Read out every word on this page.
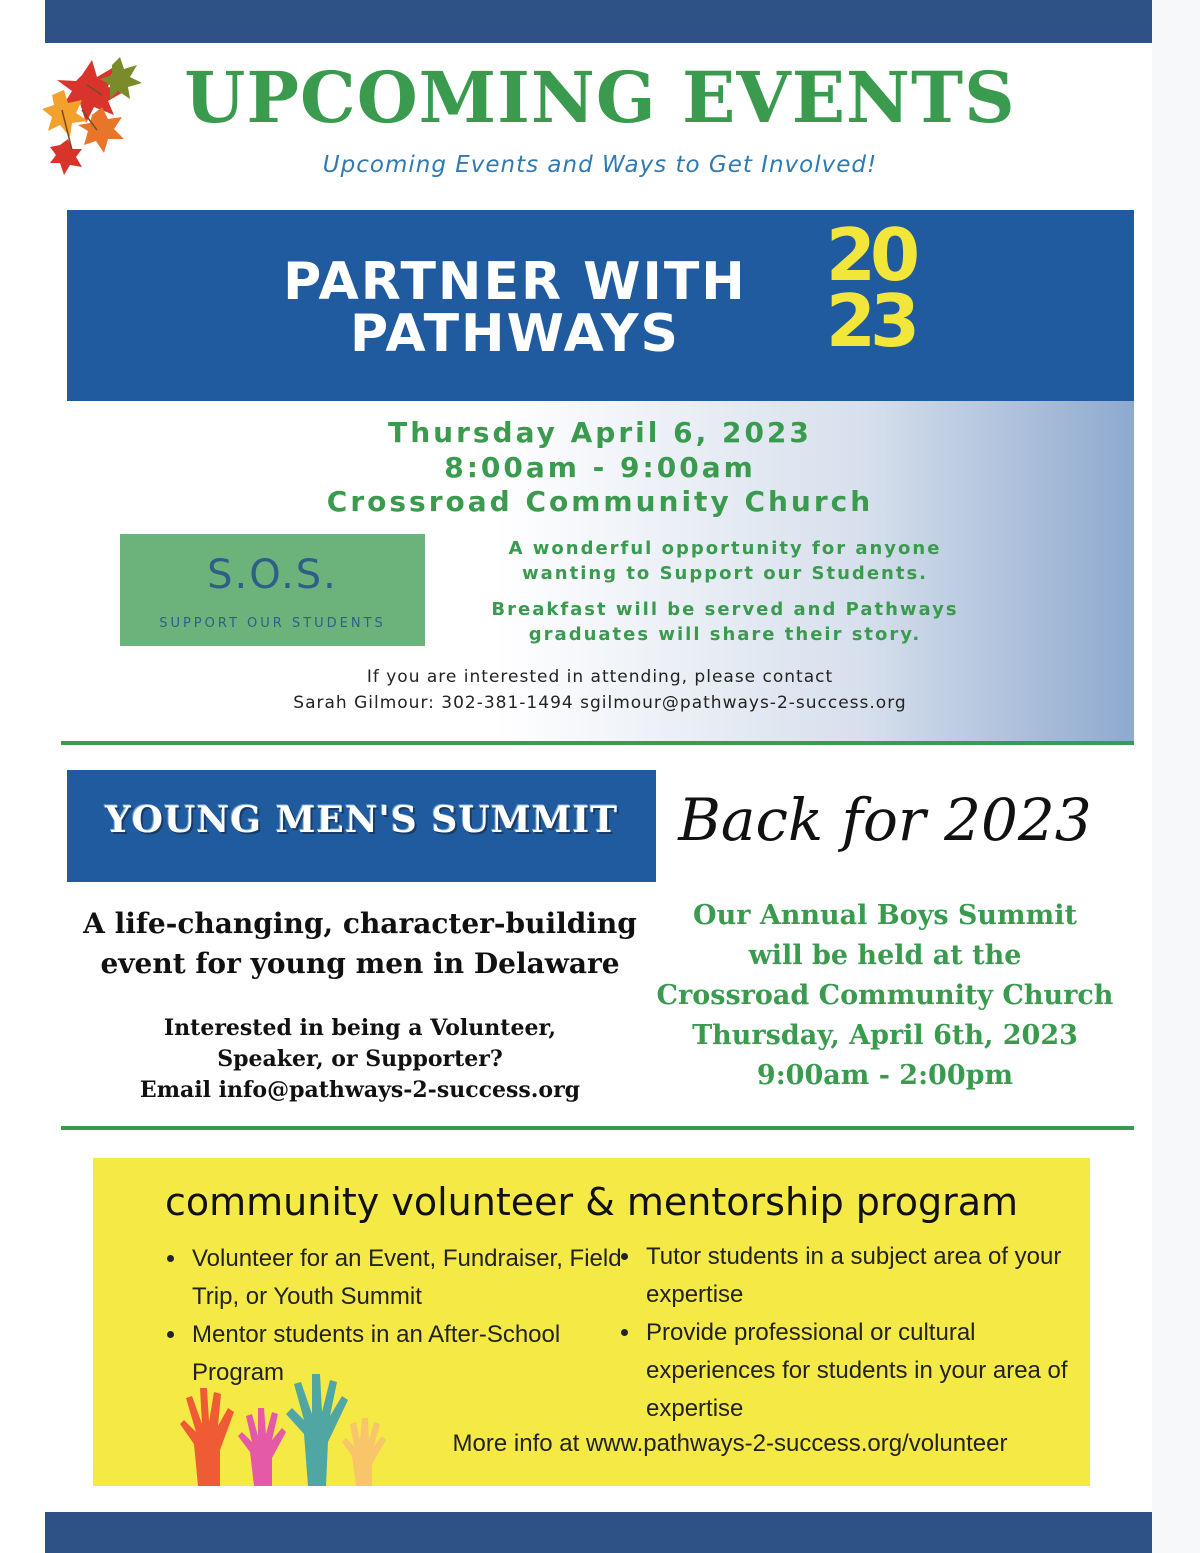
UPCOMING EVENTS
Upcoming Events and Ways to Get Involved!
PARTNER WITH
PATHWAYS
20
23
Thursday April 6, 2023
8:00am - 9:00am
Crossroad Community Church
S.O.S.
SUPPORT OUR STUDENTS
A wonderful opportunity for anyone
wanting to Support our Students.
Breakfast will be served and Pathways
graduates will share their story.
If you are interested in attending, please contact
Sarah Gilmour: 302-381-1494 sgilmour@pathways-2-success.org
YOUNG MEN'S SUMMIT	Back for 2023
A life-changing, character-building
event for young men in Delaware
Interested in being a Volunteer,
Speaker, or Supporter?
Email info@pathways-2-success.org
Our Annual Boys Summit
will be held at the
Crossroad Community Church
Thursday, April 6th, 2023
9:00am - 2:00pm
community volunteer & mentorship program
• Volunteer for an Event, Fundraiser, Field Trip, or Youth Summit
• Mentor students in an After-School Program
• Tutor students in a subject area of your expertise
• Provide professional or cultural experiences for students in your area of expertise
More info at www.pathways-2-success.org/volunteer
